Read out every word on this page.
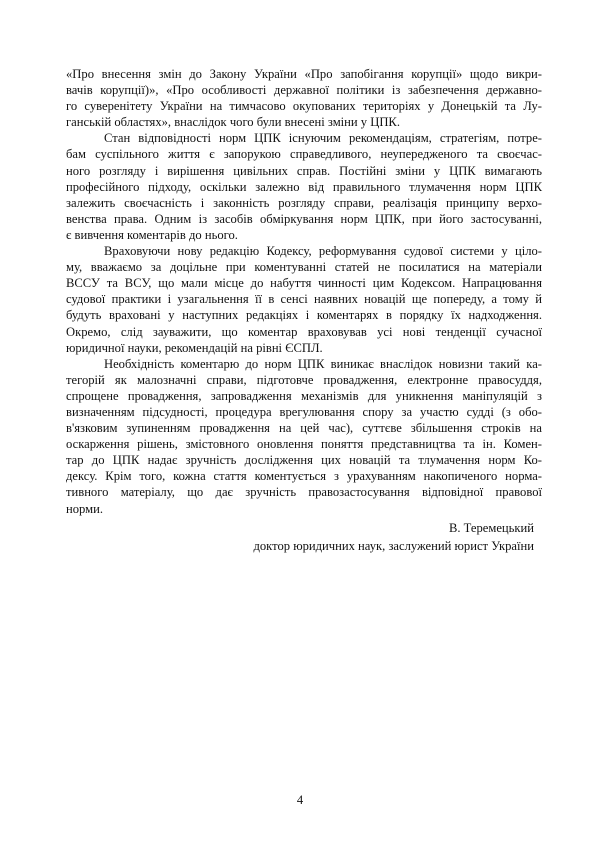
«Про внесення змін до Закону України «Про запобігання корупції» щодо викри-
вачів корупції)», «Про особливості державної політики із забезпечення державно-
го суверенітету України на тимчасово окупованих територіях у Донецькій та Лу-
ганській областях», внаслідок чого були внесені зміни у ЦПК.
Стан відповідності норм ЦПК існуючим рекомендаціям, стратегіям, потре-
бам суспільного життя є запорукою справедливого, неупередженого та своєчас-
ного розгляду і вирішення цивільних справ. Постійні зміни у ЦПК вимагають
професійного підходу, оскільки залежно від правильного тлумачення норм ЦПК
залежить своєчасність і законність розгляду справи, реалізація принципу верхо-
венства права. Одним із засобів обміркування норм ЦПК, при його застосуванні,
є вивчення коментарів до нього.
Враховуючи нову редакцію Кодексу, реформування судової системи у ціло-
му, вважаємо за доцільне при коментуванні статей не посилатися на матеріали
ВССУ та ВСУ, що мали місце до набуття чинності цим Кодексом. Напрацювання
судової практики і узагальнення її в сенсі наявних новацій ще попереду, а тому й
будуть враховані у наступних редакціях і коментарях в порядку їх надходження.
Окремо, слід зауважити, що коментар враховував усі нові тенденції сучасної
юридичної науки, рекомендацій на рівні ЄСПЛ.
Необхідність коментарю до норм ЦПК виникає внаслідок новизни такий ка-
тегорій як малозначні справи, підготовче провадження, електронне правосуддя,
спрощене провадження, запровадження механізмів для уникнення маніпуляцій з
визначенням підсудності, процедура врегулювання спору за участю судді (з обо-
в'язковим зупиненням провадження на цей час), суттєве збільшення строків на
оскарження рішень, змістовного оновлення поняття представництва та ін. Комен-
тар до ЦПК надає зручність дослідження цих новацій та тлумачення норм Ко-
дексу. Крім того, кожна стаття коментується з урахуванням накопиченого норма-
тивного матеріалу, що дає зручність правозастосування відповідної правової
норми.
В. Теремецький
доктор юридичних наук, заслужений юрист України
4
